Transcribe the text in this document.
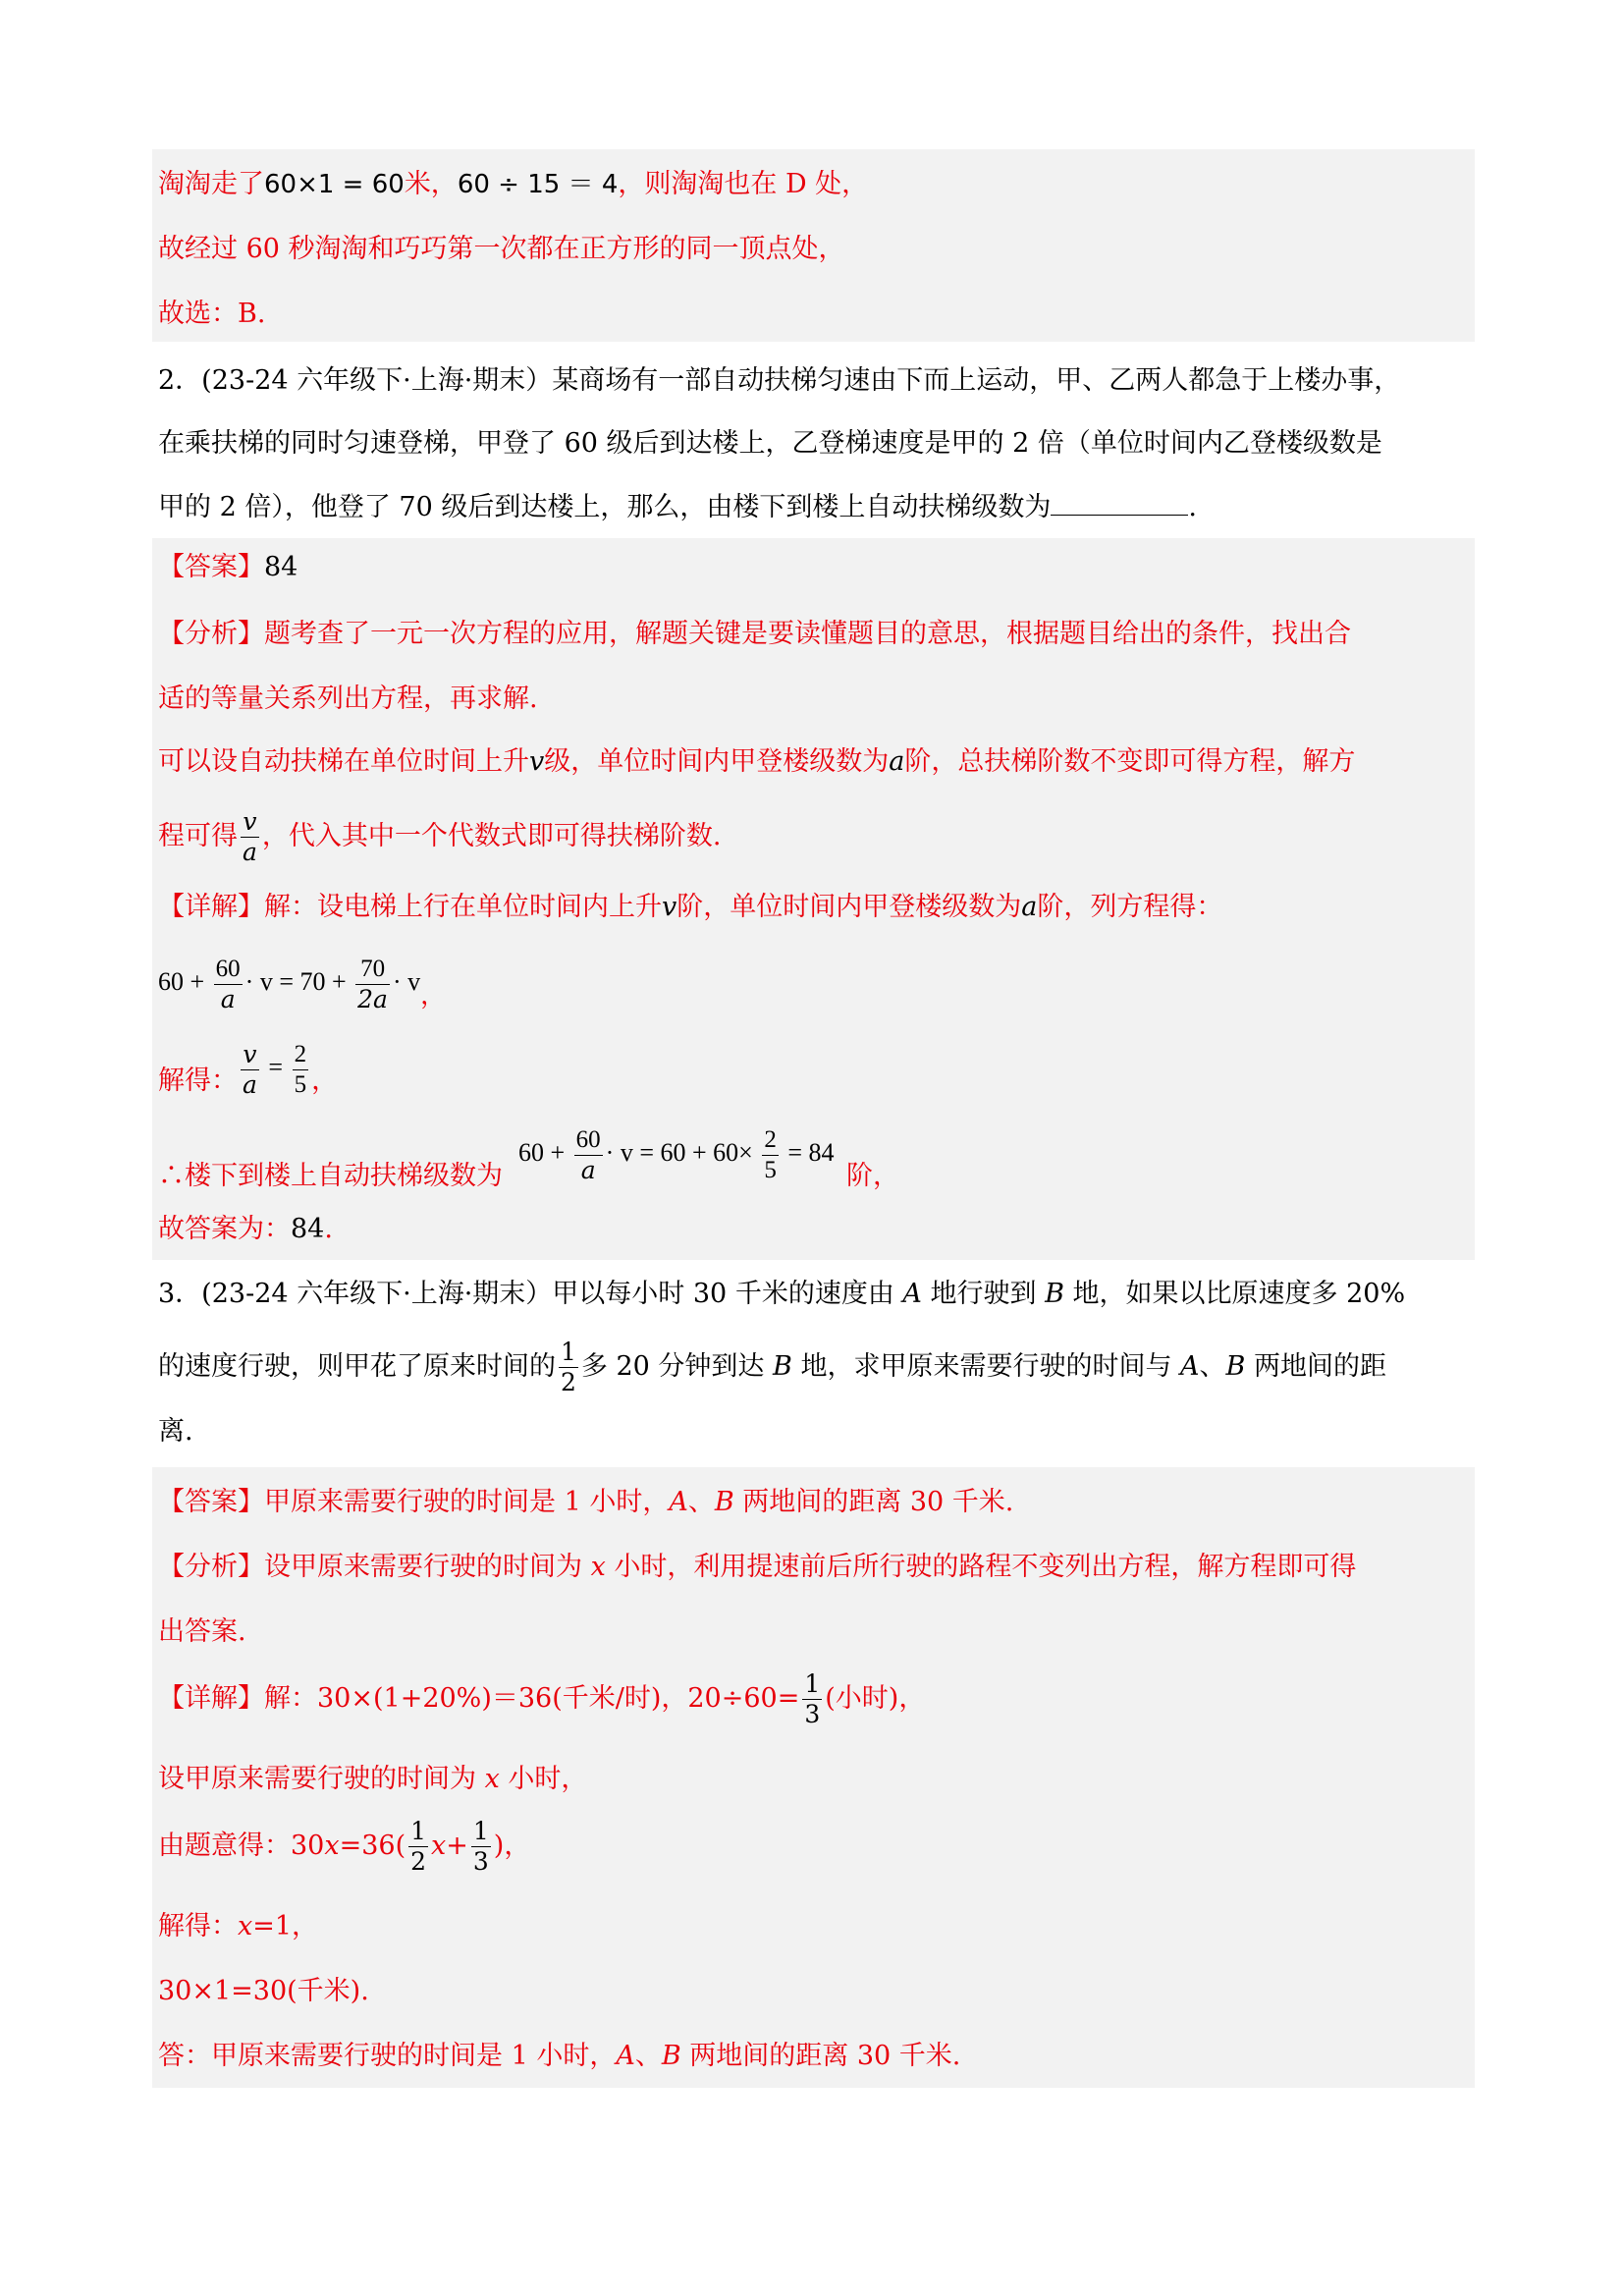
淘淘走了60×1 = 60米，60 ÷ 15 ＝ 4，则淘淘也在 D 处，
故经过 60 秒淘淘和巧巧第一次都在正方形的同一顶点处，
故选：B.
2．(23-24 六年级下·上海·期末）某商场有一部自动扶梯匀速由下而上运动，甲、乙两人都急于上楼办事，
在乘扶梯的同时匀速登梯，甲登了 60 级后到达楼上，乙登梯速度是甲的 2 倍（单位时间内乙登楼级数是
甲的 2 倍），他登了 70 级后到达楼上，那么，由楼下到楼上自动扶梯级数为	.
【答案】84
【分析】题考查了一元一次方程的应用，解题关键是要读懂题目的意思，根据题目给出的条件，找出合
适的等量关系列出方程，再求解.
可以设自动扶梯在单位时间上升v级，单位时间内甲登楼级数为a阶，总扶梯阶数不变即可得方程，解方
程可得 $\frac{v}{a}$ ，代入其中一个代数式即可得扶梯阶数.
【详解】解：设电梯上行在单位时间内上升v阶，单位时间内甲登楼级数为a阶，列方程得：
$60 + \frac{60}{a} \cdot v = 70 + \frac{70}{2a} \cdot v$，
解得： $\frac{v}{a} = \frac{2}{5}$ ，
∴楼下到楼上自动扶梯级数为
$60 + \frac{60}{a} \cdot v = 60 + 60\times \frac{2}{5} = 84$
阶，
故答案为：84.
3．(23-24 六年级下·上海·期末）甲以每小时 30 千米的速度由 A 地行驶到 B 地，如果以比原速度多 20%
的速度行驶，则甲花了原来时间的 $\frac{1}{2}$ 多 20 分钟到达 B 地，求甲原来需要行驶的时间与 A、B 两地间的距
离.
【答案】甲原来需要行驶的时间是 1 小时，A、B 两地间的距离 30 千米.
【分析】设甲原来需要行驶的时间为 x 小时，利用提速前后所行驶的路程不变列出方程，解方程即可得
出答案.
【详解】解：30×(1+20%)＝36(千米/时)，$20\div 60= \frac{1}{3}$ (小时)，
设甲原来需要行驶的时间为 x 小时，
由题意得：$30x=36( \frac{1}{2} x+ \frac{1}{3}$ )，
解得：x=1，
30×1=30(千米).
答：甲原来需要行驶的时间是 1 小时，A、B 两地间的距离 30 千米.
